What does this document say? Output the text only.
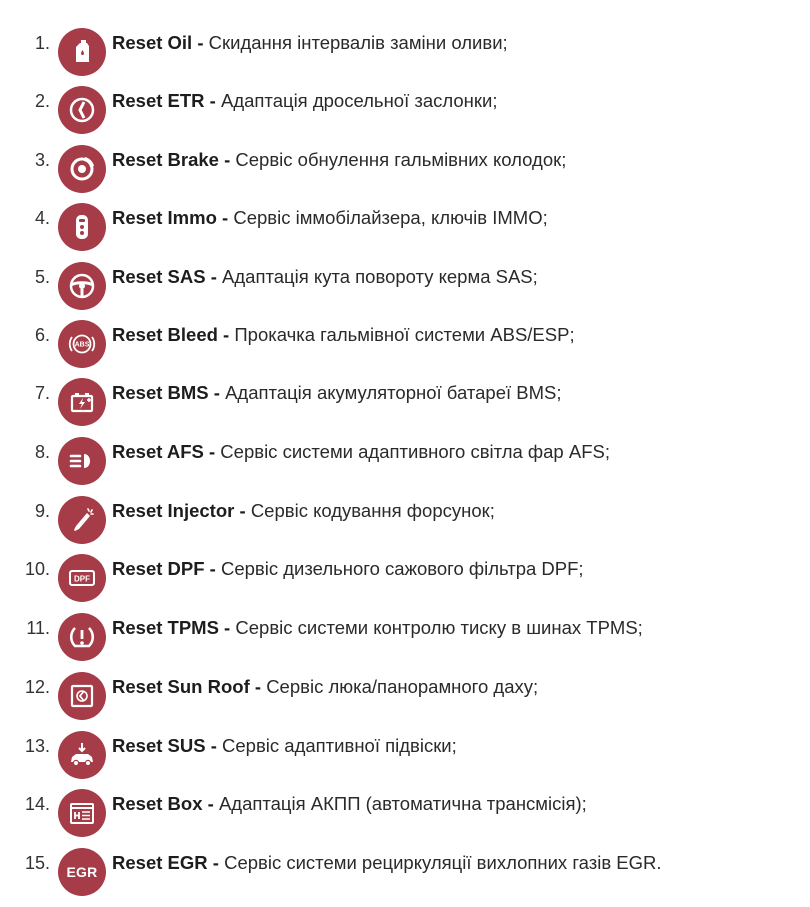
1.	Reset Oil - Скидання інтервалів заміни оливи;
2.	Reset ETR - Адаптація дросельної заслонки;
3.	Reset Brake - Сервіс обнулення гальмівних колодок;
4.	Reset Immo - Сервіс іммобілайзера, ключів IMMO;
5.	Reset SAS - Адаптація кута повороту керма SAS;
6.
ABS
Reset Bleed - Прокачка гальмівної системи ABS/ESP;
7.	Reset BMS - Адаптація акумуляторної батареї BMS;
8.	Reset AFS - Сервіс системи адаптивного світла фар AFS;
9.	Reset Injector - Сервіс кодування форсунок;
10.	DPF Reset DPF - Сервіс дизельного сажового фільтра DPF;
11.	Reset TPMS - Сервіс системи контролю тиску в шинах TPMS;
12.	Reset Sun Roof - Сервіс люка/панорамного даху;
13.	Reset SUS - Сервіс адаптивної підвіски;
14.	Reset Box - Адаптація АКПП (автоматична трансмісія);
15. EGR Reset EGR - Сервіс системи рециркуляції вихлопних газів EGR.
